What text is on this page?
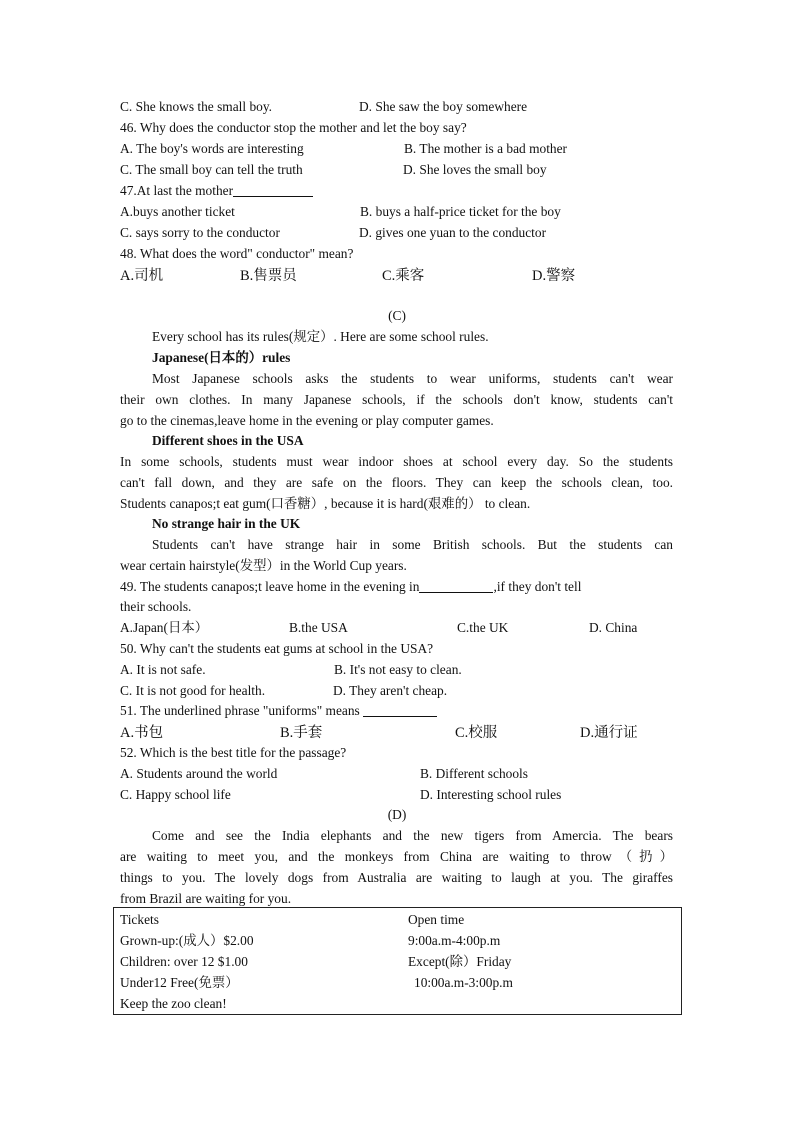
C. She knows the small boy.	D. She saw the boy somewhere
46. Why does the conductor stop the mother and let the boy say?
A. The boy's words are interesting	B. The mother is a bad mother
C. The small boy can tell the truth	D. She loves the small boy
47.At last the mother
A.buys another ticket	B. buys a half-price ticket for the boy
C. says sorry to the conductor	D. gives one yuan to the conductor
48. What does the word" conductor" mean?
A.司机	B.售票员	C.乘客	D.警察
(C)
Every school has its rules(规定）. Here are some school rules.
Japanese(日本的）rules
Most Japanese schools asks the students to wear uniforms, students can't wear
their own clothes. In many Japanese schools, if the schools don't know, students can't
go to the cinemas,leave home in the evening or play computer games.
Different shoes in the USA
In some schools, students must wear indoor shoes at school every day. So the students
can't fall down, and they are safe on the floors. They can keep the schools clean, too.
Students canapos;t eat gum(口香糖）, because it is hard(艰难的） to clean.
No strange hair in the UK
Students can't have strange hair in some British schools. But the students can
wear certain hairstyle(发型）in the World Cup years.
49. The students canapos;t leave home in the evening in	,if they don't tell
their schools.
A.Japan(日本）	B.the USA	C.the UK	D. China
50. Why can't the students eat gums at school in the USA?
A. It is not safe.	B. It's not easy to clean.
C. It is not good for health.	D. They aren't cheap.
51. The underlined phrase "uniforms" means
A.书包	B.手套	C.校服	D.通行证
52. Which is the best title for the passage?
A. Students around the world	B. Different schools
C. Happy school life	D. Interesting school rules
(D)
Come and see the India elephants and the new tigers from Amercia. The bears
are waiting to meet you, and the monkeys from China are waiting to throw（扔）
things to you. The lovely dogs from Australia are waiting to laugh at you. The giraffes
from Brazil are waiting for you.
Tickets	Open time
Grown-up:(成人）$2.00	9:00a.m-4:00p.m
Children: over 12 $1.00	Except(除）Friday
Under12 Free(免票）	10:00a.m-3:00p.m
Keep the zoo clean!
